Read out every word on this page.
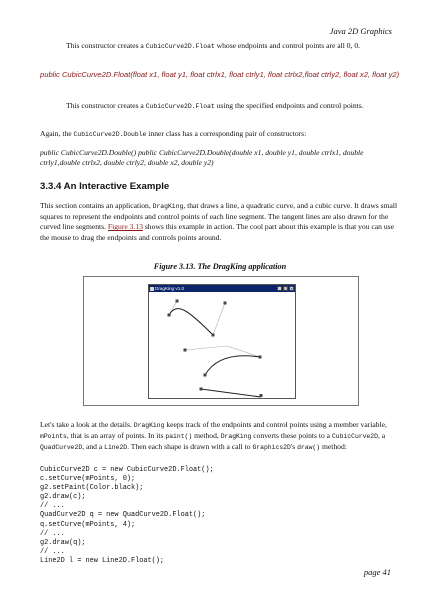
Java 2D Graphics
This constructor creates a CubicCurve2D.Float whose endpoints and control points are all 0, 0.
public CubicCurve2D.Float(float x1, float y1, float ctrlx1, float ctrly1, float ctrlx2,float ctrly2, float x2, float y2)
This constructor creates a CubicCurve2D.Float using the specified endpoints and control points.
Again, the CubicCurve2D.Double inner class has a corresponding pair of constructors:
public CubicCurve2D.Double() public CubicCurve2D.Double(double x1, double y1, double ctrlx1, double ctrly1,double ctrlx2, double ctrly2, double x2, double y2)
3.3.4 An Interactive Example
This section contains an application, DragKing, that draws a line, a quadratic curve, and a cubic curve. It draws small squares to represent the endpoints and control points of each line segment. The tangent lines are also drawn for the curved line segments. Figure 3.13 shows this example in action. The cool part about this example is that you can use the mouse to drag the endpoints and controls points around.
Figure 3.13. The DragKing application
DragKing v1.0	_ □ ×
Let's take a look at the details. DragKing keeps track of the endpoints and control points using a member variable, mPoints, that is an array of points. In its paint() method, DragKing converts these points to a CubicCurve2D, a QuadCurve2D, and a Line2D. Then each shape is drawn with a call to Graphics2D's draw() method:
CubicCurve2D c = new CubicCurve2D.Float();
c.setCurve(mPoints, 0);
g2.setPaint(Color.black);
g2.draw(c);
// ...
QuadCurve2D q = new QuadCurve2D.Float();
q.setCurve(mPoints, 4);
// ...
g2.draw(q);
// ...
Line2D l = new Line2D.Float();
page 41
